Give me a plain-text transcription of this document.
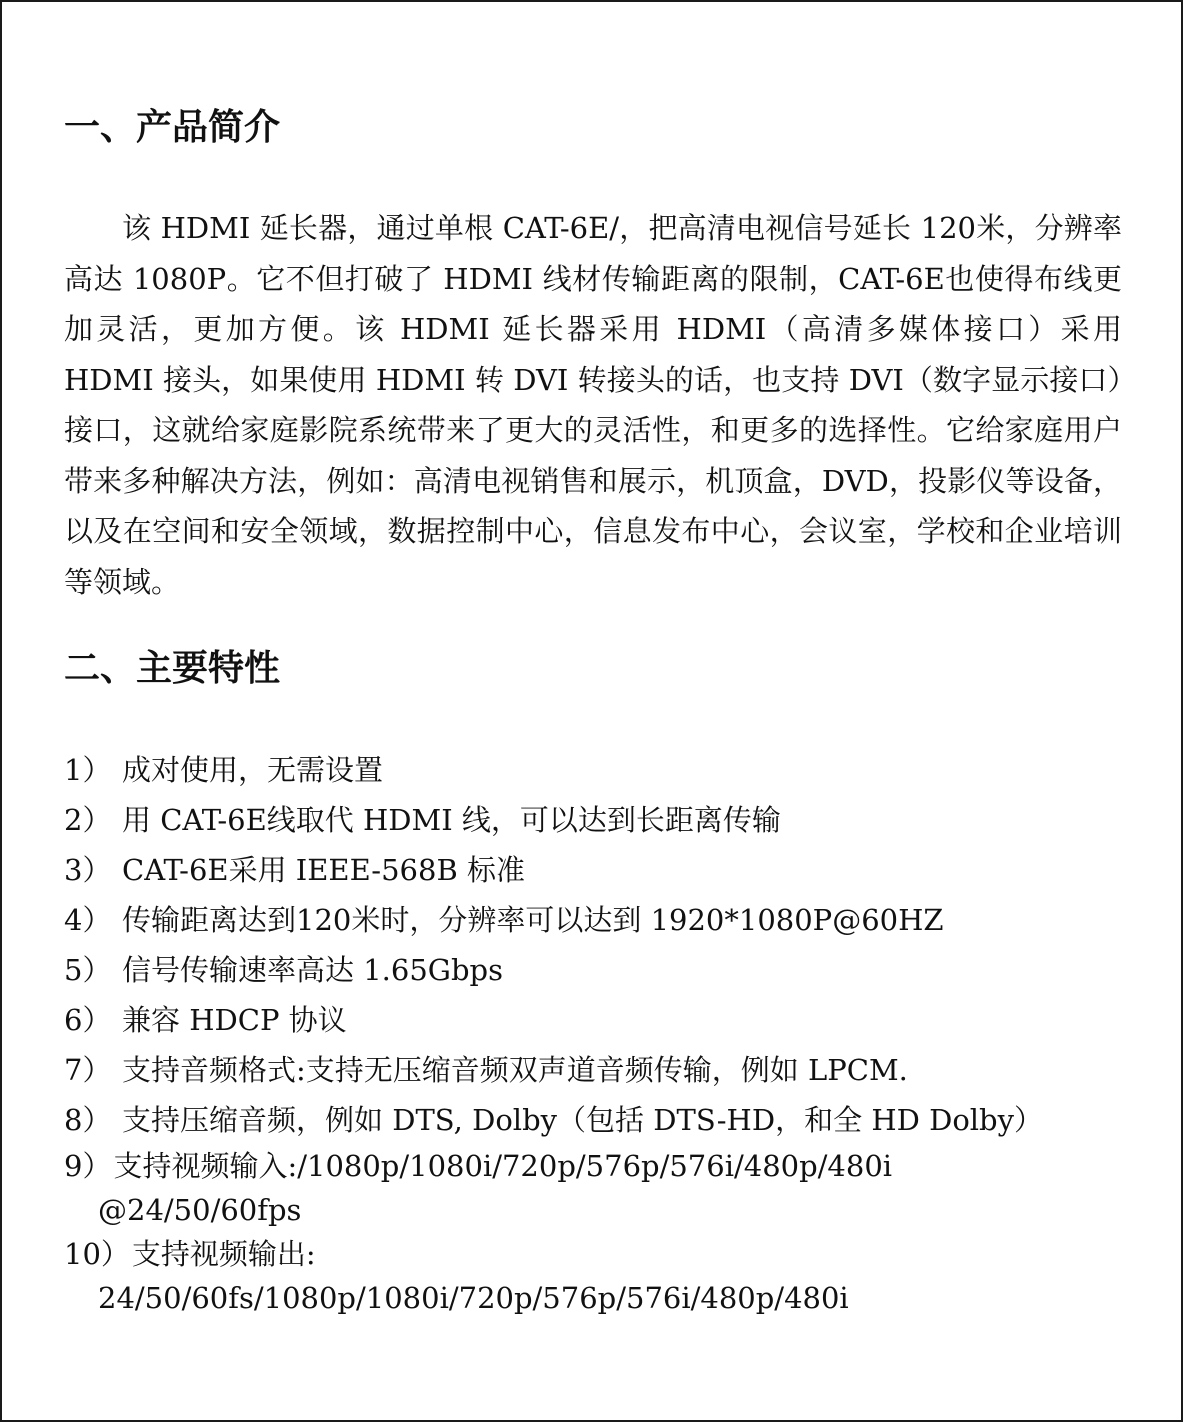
一、产品简介

该 HDMI 延长器，通过单根 CAT-6E/，把高清电视信号延长 120米，分辨率高达 1080P。它不但打破了 HDMI 线材传输距离的限制，CAT-6E也使得布线更加灵活，更加方便。该 HDMI 延长器采用 HDMI（高清多媒体接口）采用 HDMI 接头，如果使用 HDMI 转 DVI 转接头的话，也支持 DVI（数字显示接口）接口，这就给家庭影院系统带来了更大的灵活性，和更多的选择性。它给家庭用户带来多种解决方法，例如：高清电视销售和展示，机顶盒，DVD，投影仪等设备，以及在空间和安全领域，数据控制中心，信息发布中心，会议室，学校和企业培训等领域。

二、主要特性
1） 成对使用，无需设置
2） 用 CAT-6E线取代 HDMI 线，可以达到长距离传输
3） CAT-6E采用 IEEE-568B 标准
4） 传输距离达到120米时，分辨率可以达到 1920*1080P@60HZ
5） 信号传输速率高达 1.65Gbps
6） 兼容 HDCP 协议
7） 支持音频格式:支持无压缩音频双声道音频传输，例如 LPCM.
8） 支持压缩音频，例如 DTS, Dolby（包括 DTS-HD，和全 HD Dolby）
9）支持视频输入:/1080p/1080i/720p/576p/576i/480p/480i
@24/50/60fps
10）支持视频输出:
24/50/60fs/1080p/1080i/720p/576p/576i/480p/480i
